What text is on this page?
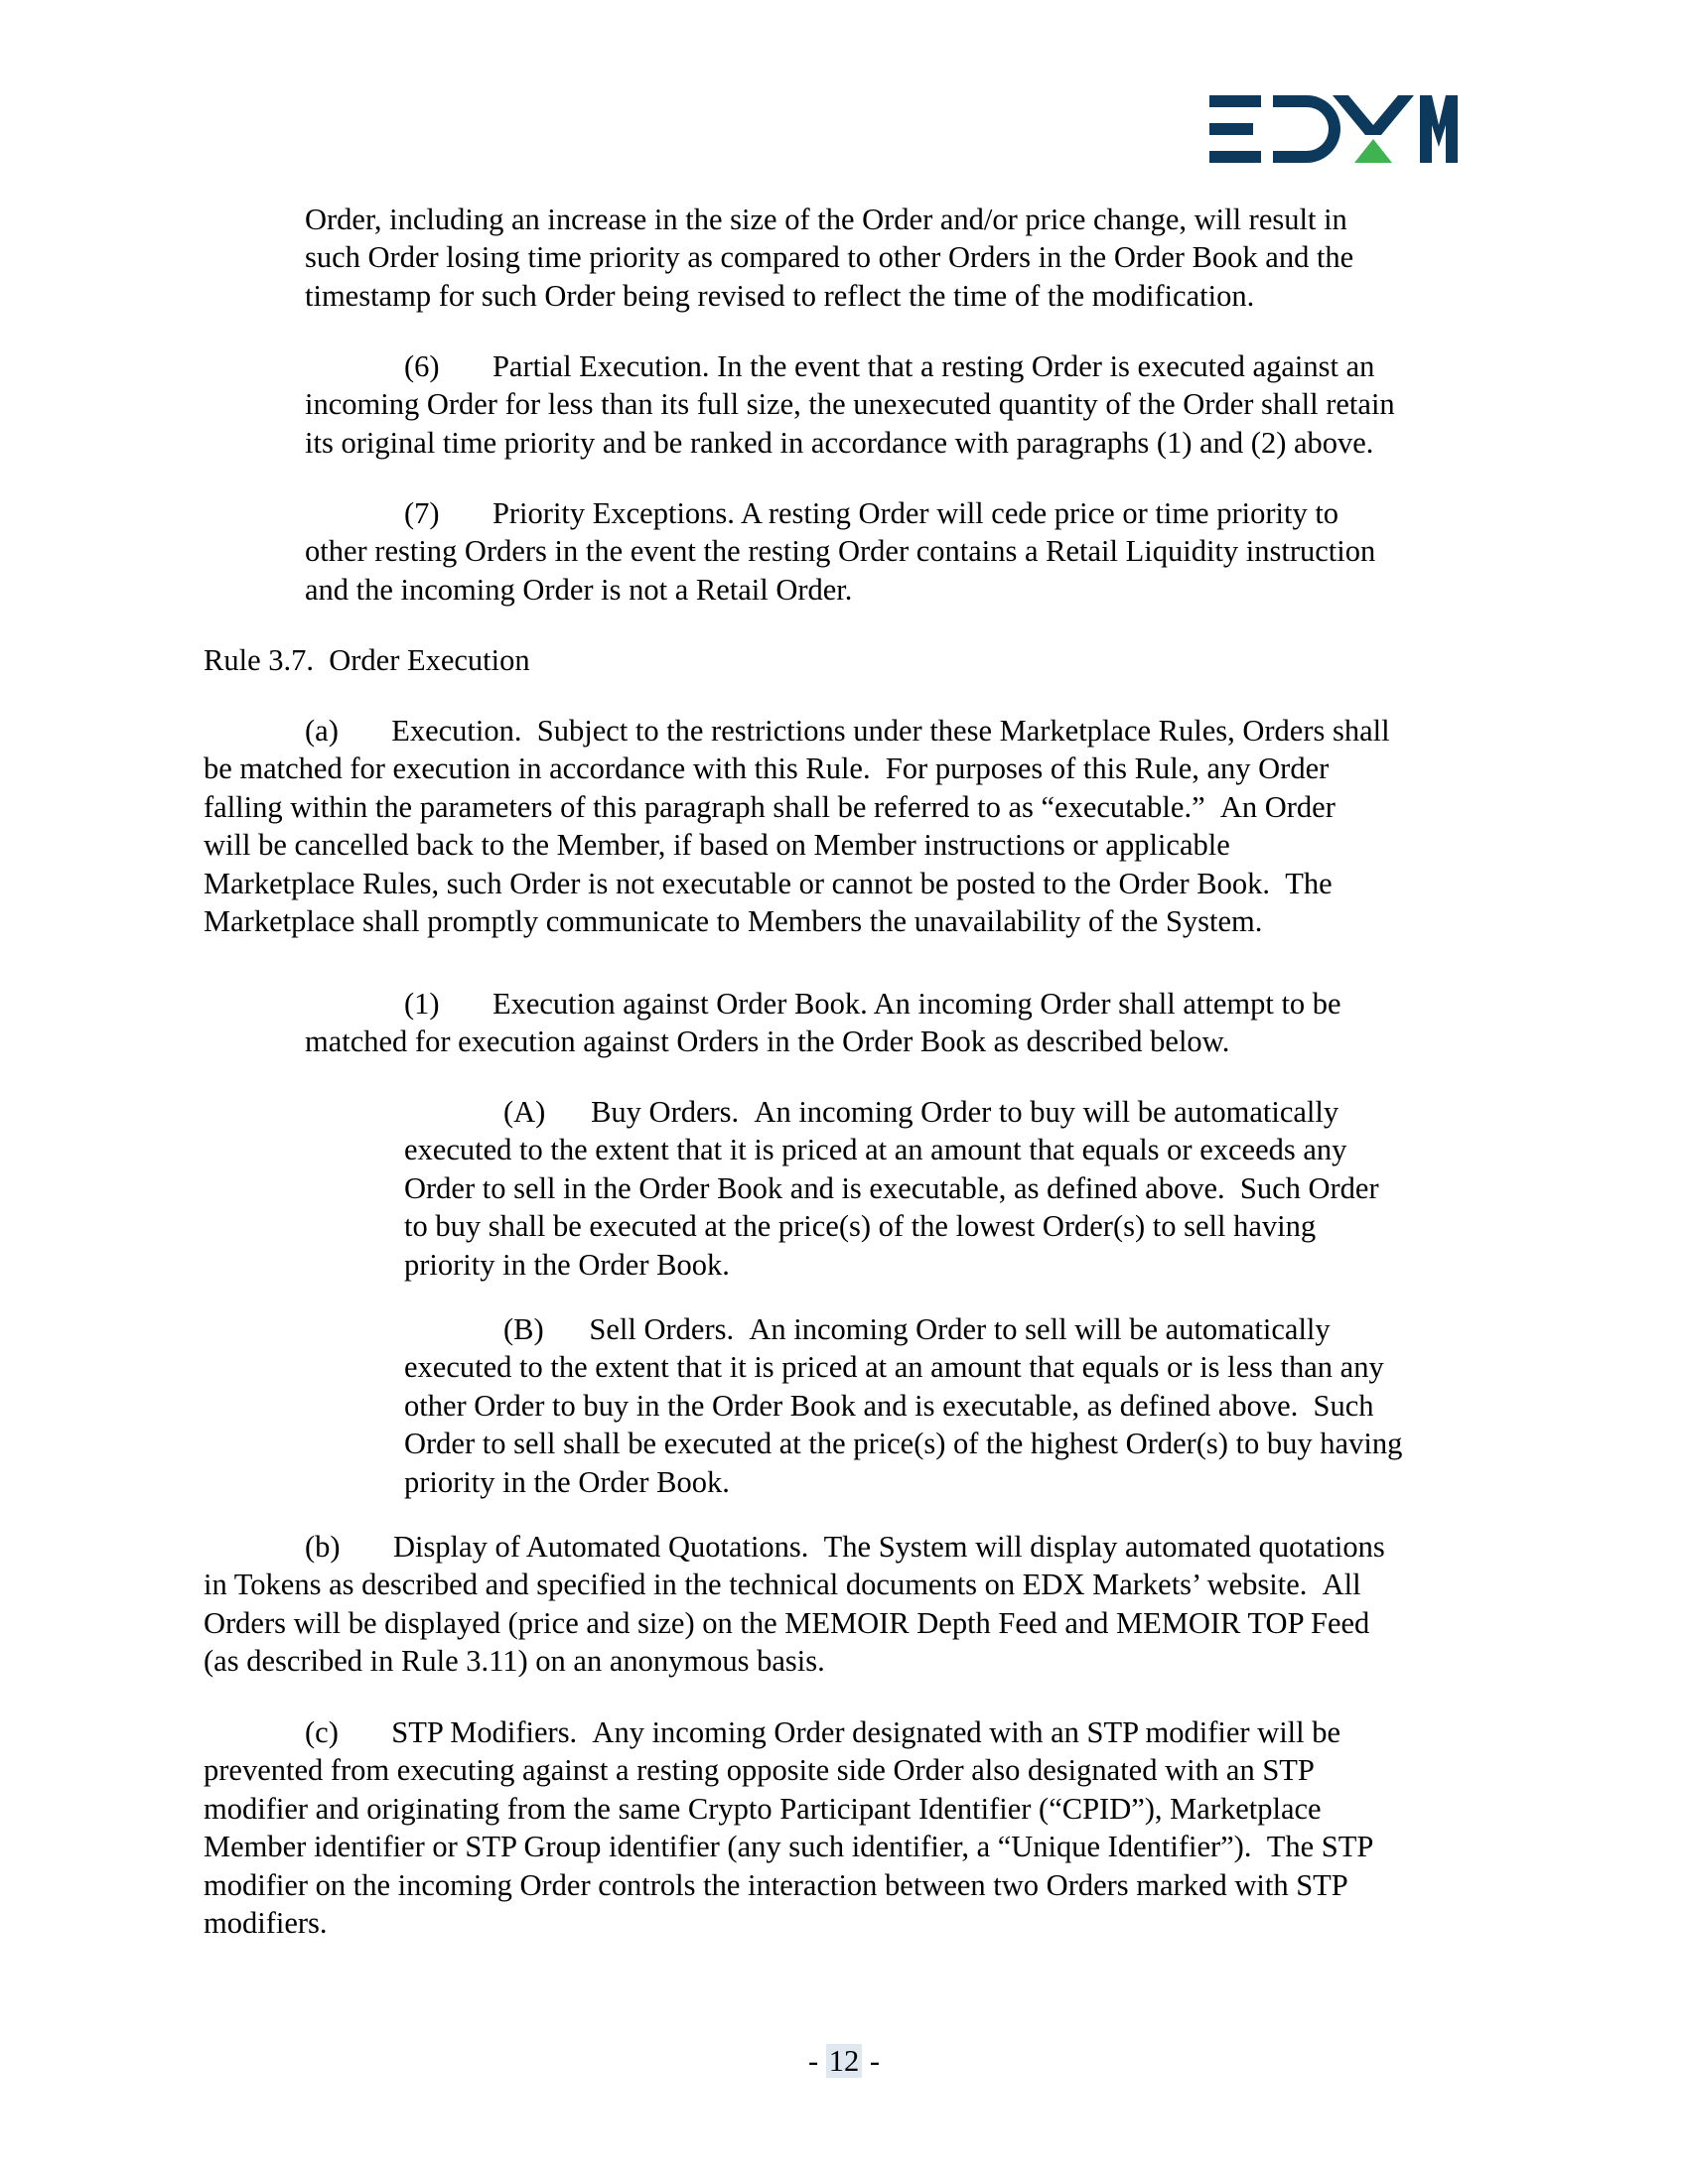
Order, including an increase in the size of the Order and/or price change, will result in
such Order losing time priority as compared to other Orders in the Order Book and the
timestamp for such Order being revised to reflect the time of the modification.
(6)       Partial Execution. In the event that a resting Order is executed against an
incoming Order for less than its full size, the unexecuted quantity of the Order shall retain
its original time priority and be ranked in accordance with paragraphs (1) and (2) above.
(7)       Priority Exceptions. A resting Order will cede price or time priority to
other resting Orders in the event the resting Order contains a Retail Liquidity instruction
and the incoming Order is not a Retail Order.
Rule 3.7.  Order Execution
(a)       Execution.  Subject to the restrictions under these Marketplace Rules, Orders shall
be matched for execution in accordance with this Rule.  For purposes of this Rule, any Order
falling within the parameters of this paragraph shall be referred to as “executable.”  An Order
will be cancelled back to the Member, if based on Member instructions or applicable
Marketplace Rules, such Order is not executable or cannot be posted to the Order Book.  The
Marketplace shall promptly communicate to Members the unavailability of the System.
(1)       Execution against Order Book. An incoming Order shall attempt to be
matched for execution against Orders in the Order Book as described below.
(A)      Buy Orders.  An incoming Order to buy will be automatically
executed to the extent that it is priced at an amount that equals or exceeds any
Order to sell in the Order Book and is executable, as defined above.  Such Order
to buy shall be executed at the price(s) of the lowest Order(s) to sell having
priority in the Order Book.
(B)      Sell Orders.  An incoming Order to sell will be automatically
executed to the extent that it is priced at an amount that equals or is less than any
other Order to buy in the Order Book and is executable, as defined above.  Such
Order to sell shall be executed at the price(s) of the highest Order(s) to buy having
priority in the Order Book.
(b)       Display of Automated Quotations.  The System will display automated quotations
in Tokens as described and specified in the technical documents on EDX Markets’ website.  All
Orders will be displayed (price and size) on the MEMOIR Depth Feed and MEMOIR TOP Feed
(as described in Rule 3.11) on an anonymous basis.
(c)       STP Modifiers.  Any incoming Order designated with an STP modifier will be
prevented from executing against a resting opposite side Order also designated with an STP
modifier and originating from the same Crypto Participant Identifier (“CPID”), Marketplace
Member identifier or STP Group identifier (any such identifier, a “Unique Identifier”).  The STP
modifier on the incoming Order controls the interaction between two Orders marked with STP
modifiers.

- 12 -
